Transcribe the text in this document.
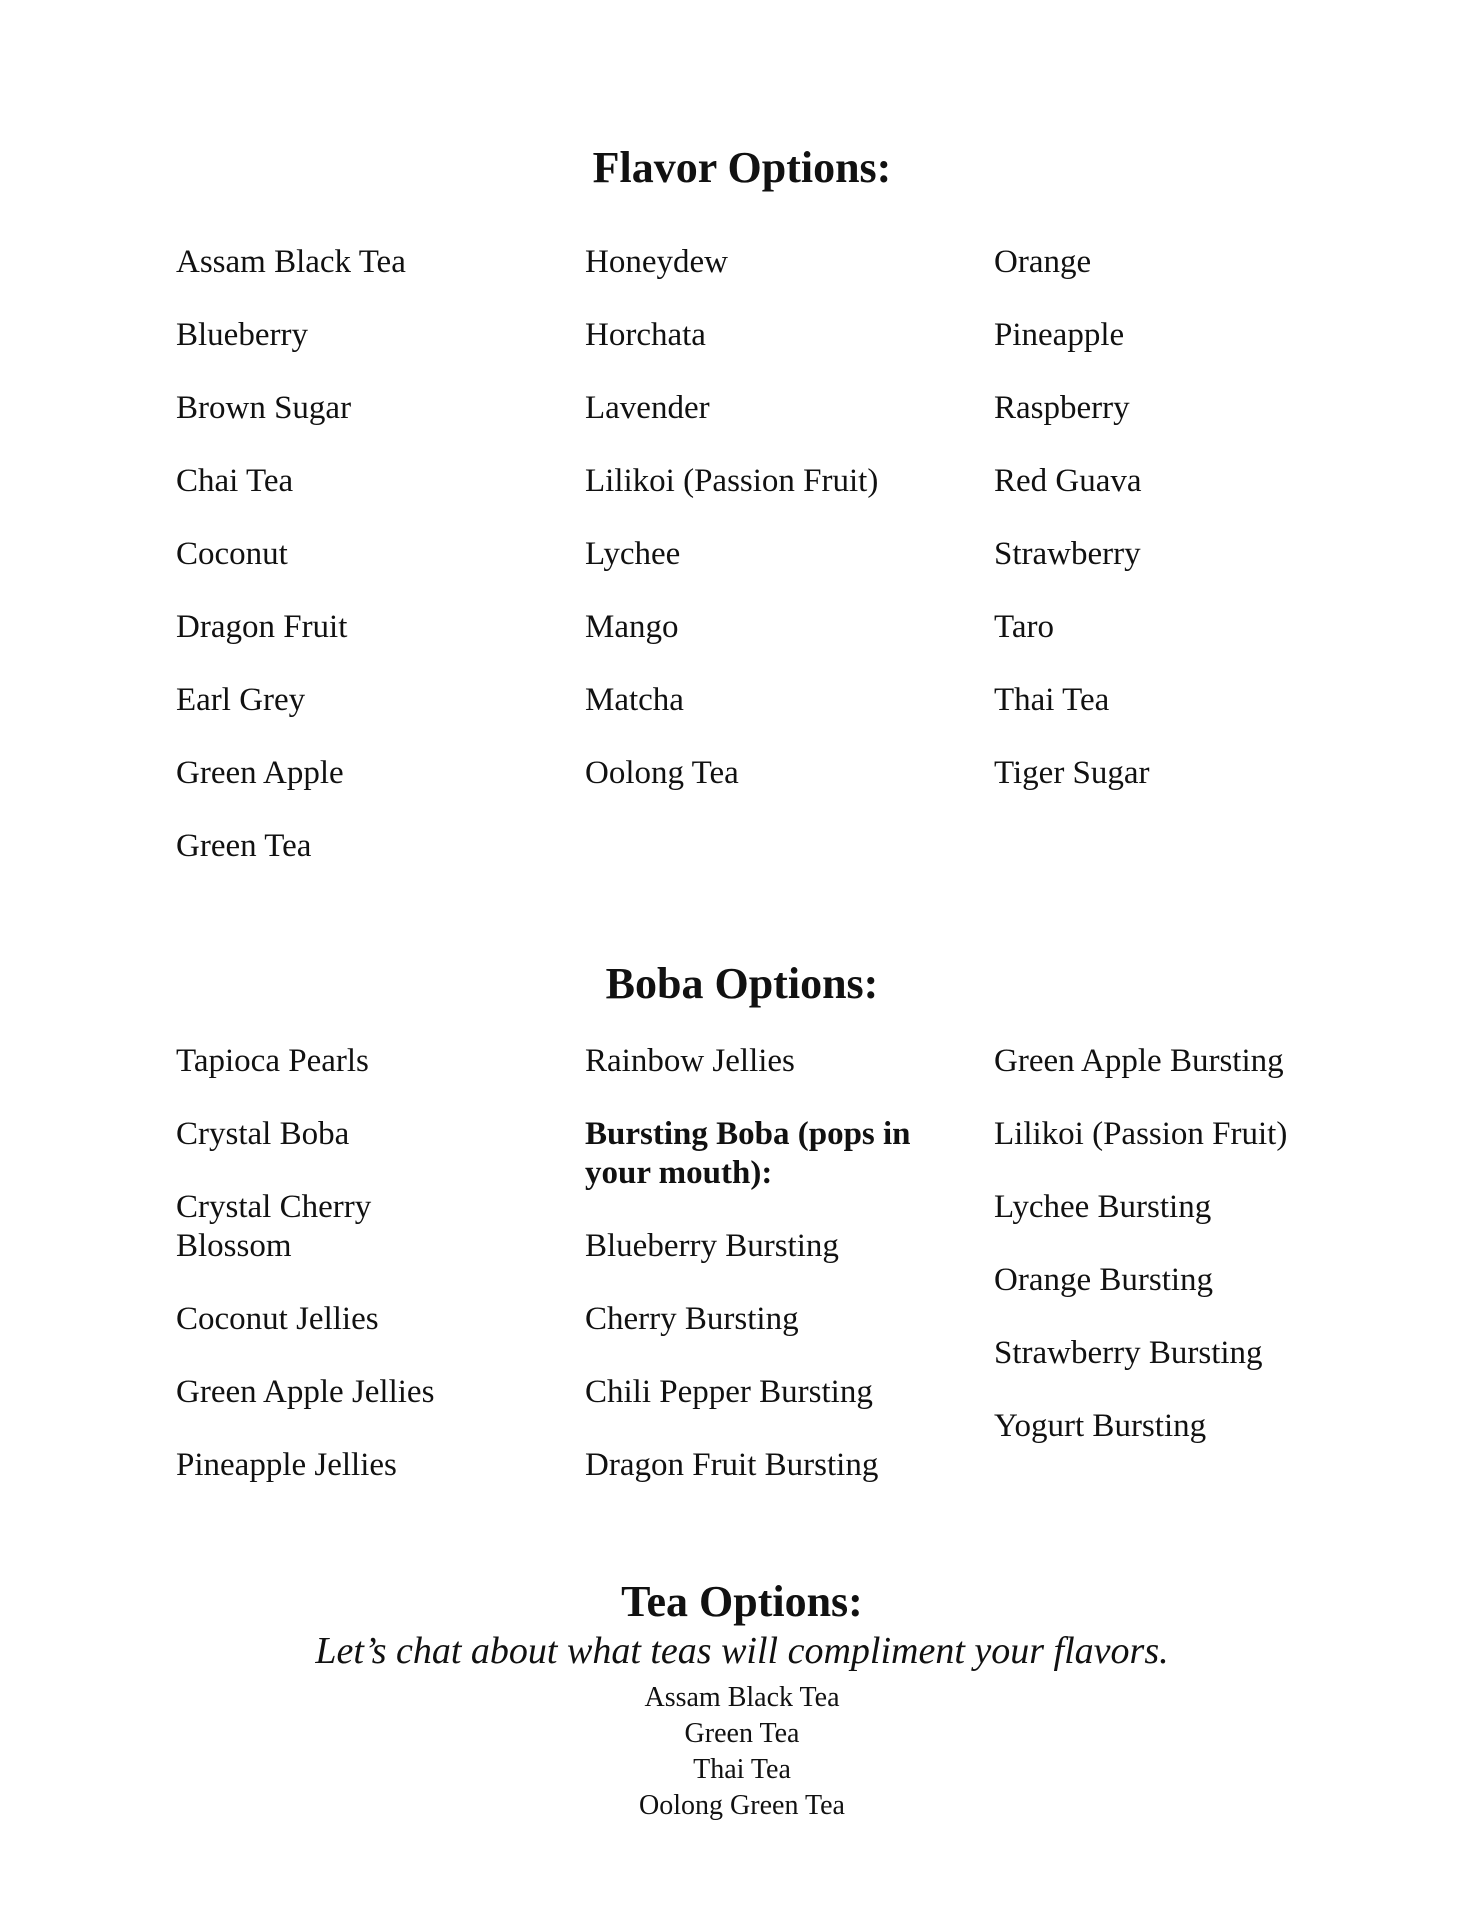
Flavor Options:

Assam Black Tea

Blueberry

Brown Sugar

Chai Tea

Coconut

Dragon Fruit

Earl Grey

Green Apple

Green Tea

Honeydew

Horchata

Lavender

Lilikoi (Passion Fruit)

Lychee

Mango

Matcha

Oolong Tea

Orange

Pineapple

Raspberry

Red Guava

Strawberry

Taro

Thai Tea

Tiger Sugar

Boba Options:

Tapioca Pearls

Crystal Boba

Crystal Cherry Blossom

Coconut Jellies

Green Apple Jellies

Pineapple Jellies

Rainbow Jellies

Bursting Boba (pops in your mouth):

Blueberry Bursting

Cherry Bursting

Chili Pepper Bursting

Dragon Fruit Bursting

Green Apple Bursting

Lilikoi (Passion Fruit)

Lychee Bursting

Orange Bursting

Strawberry Bursting

Yogurt Bursting

Tea Options:

Let’s chat about what teas will compliment your flavors.

Assam Black Tea

Green Tea

Thai Tea

Oolong Green Tea
